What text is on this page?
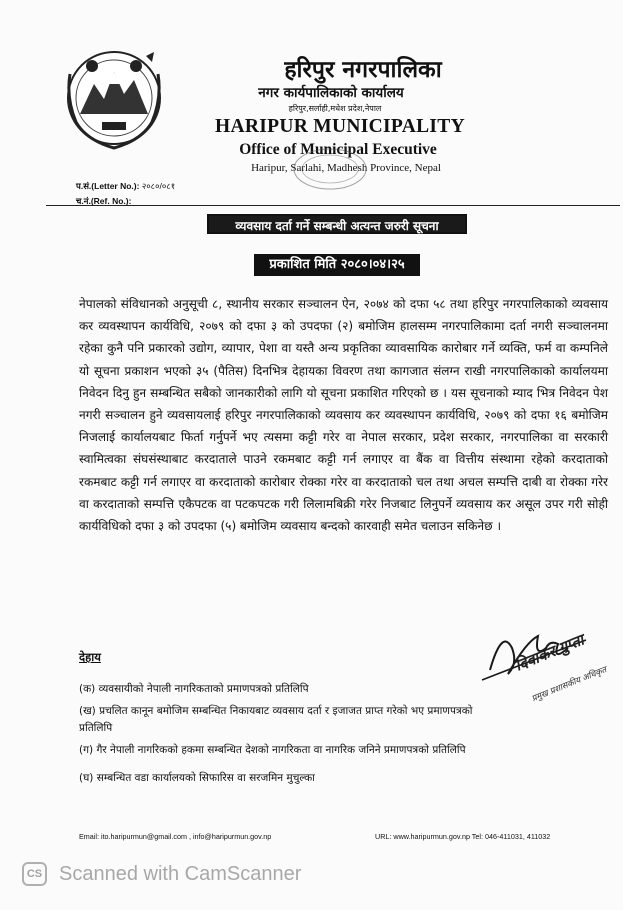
हरिपुर नगरपालिका
नगर कार्यपालिकाको कार्यालय
हरिपुर,सर्लाही,मधेश प्रदेश,नेपाल
HARIPUR MUNICIPALITY
Office of Municipal Executive
Haripur, Sarlahi, Madhesh Province, Nepal
प.सं.(Letter No.): २०८०/०८१
च.नं.(Ref. No.):
व्यवसाय दर्ता गर्ने सम्बन्धी अत्यन्त जरुरी सूचना
प्रकाशित मिति २०८०।०४।२५
नेपालको संविधानको अनुसूची ८, स्थानीय सरकार सञ्चालन ऐन, २०७४ को दफा ५८ तथा हरिपुर नगरपालिकाको व्यवसाय कर व्यवस्थापन कार्यविधि, २०७९ को दफा ३ को उपदफा (२) बमोजिम हालसम्म नगरपालिकामा दर्ता नगरी सञ्चालनमा रहेका कुनै पनि प्रकारको उद्योग, व्यापार, पेशा वा यस्तै अन्य प्रकृतिका व्यावसायिक कारोबार गर्ने व्यक्ति, फर्म वा कम्पनिले यो सूचना प्रकाशन भएको ३५ (पैतिस) दिनभित्र देहायका विवरण तथा कागजात संलग्न राखी नगरपालिकाको कार्यालयमा निवेदन दिनु हुन सम्बन्धित सबैको जानकारीको लागि यो सूचना प्रकाशित गरिएको छ । यस सूचनाको म्याद भित्र निवेदन पेश नगरी सञ्चालन हुने व्यवसायलाई हरिपुर नगरपालिकाको व्यवसाय कर व्यवस्थापन कार्यविधि, २०७९ को दफा १६ बमोजिम निजलाई कार्यालयबाट फिर्ता गर्नुपर्ने भए त्यसमा कट्टी गरेर वा नेपाल सरकार, प्रदेश सरकार, नगरपालिका वा सरकारी स्वामित्वका संघसंस्थाबाट करदाताले पाउने रकमबाट कट्टी गर्न लगाएर वा बैंक वा वित्तीय संस्थामा रहेको करदाताको रकमबाट कट्टी गर्न लगाएर वा करदाताको कारोबार रोक्का गरेर वा करदाताको चल तथा अचल सम्पत्ति दाबी वा रोक्का गरेर वा करदाताको सम्पत्ति एकैपटक वा पटकपटक गरी लिलामबिक्री गरेर निजबाट लिनुपर्ने व्यवसाय कर असूल उपर गरी सोही कार्यविधिको दफा ३ को उपदफा (५) बमोजिम व्यवसाय बन्दको कारवाही समेत चलाउन सकिनेछ ।
देहाय
(क) व्यवसायीको नेपाली नागरिकताको प्रमाणपत्रको प्रतिलिपि
(ख) प्रचलित कानून बमोजिम सम्बन्धित निकायबाट व्यवसाय दर्ता र इजाजत प्राप्त गरेको भए प्रमाणपत्रको प्रतिलिपि
(ग) गैर नेपाली नागरिकको हकमा सम्बन्धित देशको नागरिकता वा नागरिक जनिने प्रमाणपत्रको प्रतिलिपि
(घ) सम्बन्धित वडा कार्यालयको सिफारिस वा सरजमिन मुचुल्का
दिवाकर गुप्ता
प्रमुख प्रशासकीय अधिकृत
Email: ito.haripurmun@gmail.com , info@haripurmun.gov.np	URL: www.haripurmun.gov.np Tel: 046-411031, 411032
CS Scanned with CamScanner
